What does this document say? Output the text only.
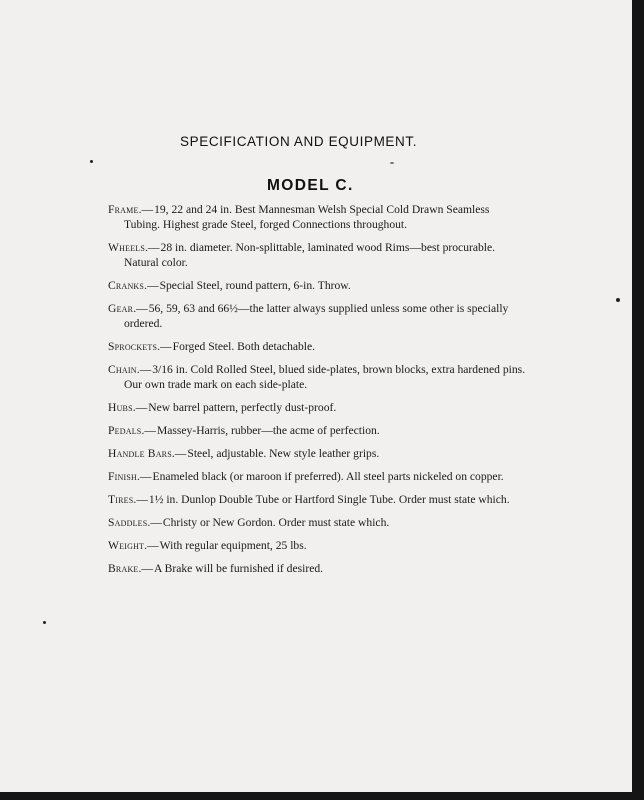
SPECIFICATION AND EQUIPMENT.
MODEL C.

Frame.—19, 22 and 24 in. Best Mannesman Welsh Special Cold Drawn Seamless Tubing. Highest grade Steel, forged Connections throughout.

Wheels.—28 in. diameter. Non-splittable, laminated wood Rims—best procurable. Natural color.

Cranks.—Special Steel, round pattern, 6-in. Throw.

Gear.—56, 59, 63 and 66½—the latter always supplied unless some other is specially ordered.

Sprockets.—Forged Steel. Both detachable.

Chain.—3/16 in. Cold Rolled Steel, blued side-plates, brown blocks, extra hardened pins. Our own trade mark on each side-plate.

Hubs.—New barrel pattern, perfectly dust-proof.

Pedals.—Massey-Harris, rubber—the acme of perfection.

Handle Bars.—Steel, adjustable. New style leather grips.

Finish.—Enameled black (or maroon if preferred). All steel parts nickeled on copper.

Tires.—1½ in. Dunlop Double Tube or Hartford Single Tube. Order must state which.

Saddles.—Christy or New Gordon. Order must state which.

Weight.—With regular equipment, 25 lbs.

Brake.—A Brake will be furnished if desired.
